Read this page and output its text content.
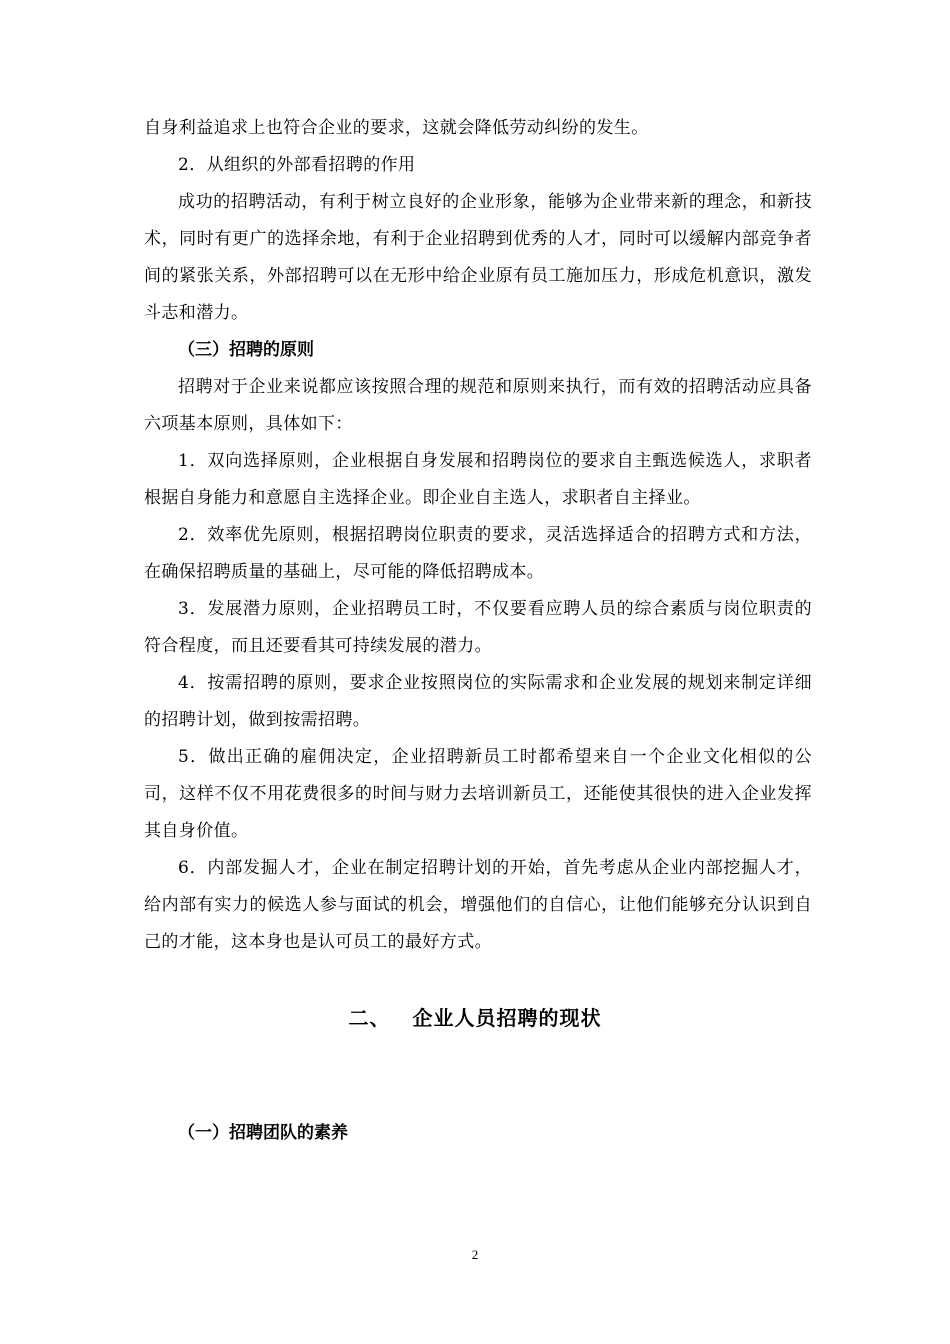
自身利益追求上也符合企业的要求，这就会降低劳动纠纷的发生。

2．从组织的外部看招聘的作用

成功的招聘活动，有利于树立良好的企业形象，能够为企业带来新的理念，和新技术，同时有更广的选择余地，有利于企业招聘到优秀的人才，同时可以缓解内部竞争者间的紧张关系，外部招聘可以在无形中给企业原有员工施加压力，形成危机意识，激发斗志和潜力。

（三）招聘的原则

招聘对于企业来说都应该按照合理的规范和原则来执行，而有效的招聘活动应具备六项基本原则，具体如下：

1．双向选择原则，企业根据自身发展和招聘岗位的要求自主甄选候选人，求职者根据自身能力和意愿自主选择企业。即企业自主选人，求职者自主择业。

2．效率优先原则，根据招聘岗位职责的要求，灵活选择适合的招聘方式和方法，在确保招聘质量的基础上，尽可能的降低招聘成本。

3．发展潜力原则，企业招聘员工时，不仅要看应聘人员的综合素质与岗位职责的符合程度，而且还要看其可持续发展的潜力。

4．按需招聘的原则，要求企业按照岗位的实际需求和企业发展的规划来制定详细的招聘计划，做到按需招聘。

5．做出正确的雇佣决定，企业招聘新员工时都希望来自一个企业文化相似的公司，这样不仅不用花费很多的时间与财力去培训新员工，还能使其很快的进入企业发挥其自身价值。

6．内部发掘人才，企业在制定招聘计划的开始，首先考虑从企业内部挖掘人才，给内部有实力的候选人参与面试的机会，增强他们的自信心，让他们能够充分认识到自己的才能，这本身也是认可员工的最好方式。

二、 企业人员招聘的现状
（一）招聘团队的素养
2
